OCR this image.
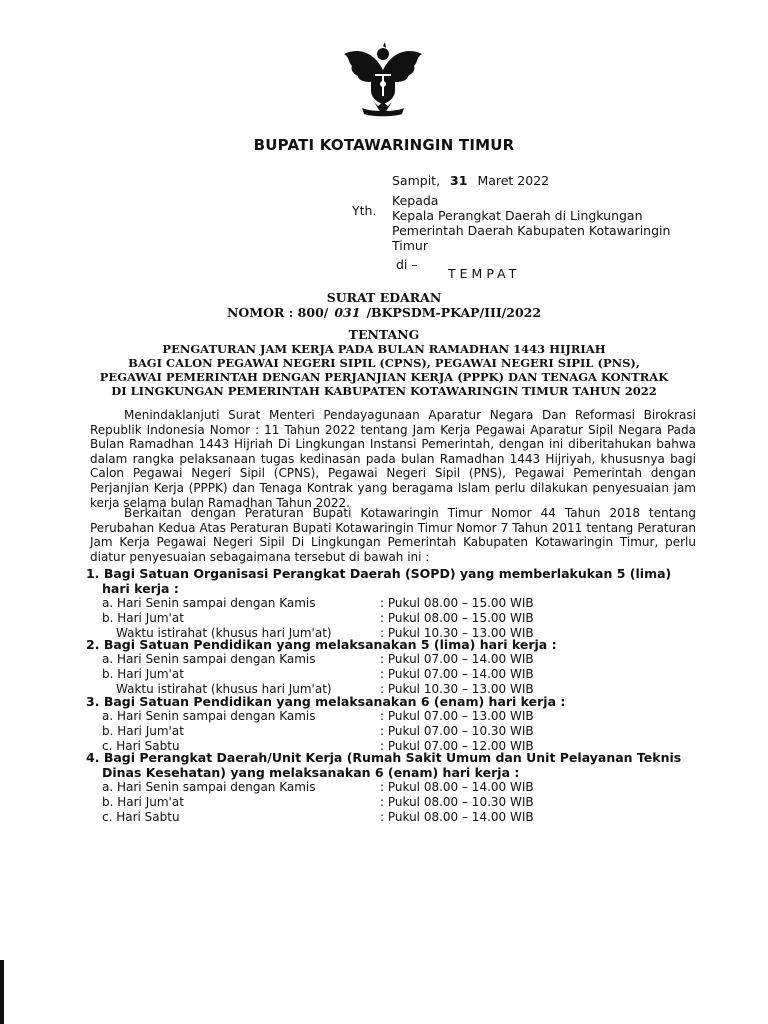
BUPATI KOTAWARINGIN TIMUR
Sampit, 31 Maret 2022
Kepada
Kepala Perangkat Daerah di Lingkungan
Pemerintah Daerah Kabupaten Kotawaringin
Timur
di –
Yth.
TEMPAT
SURAT EDARAN
NOMOR : 800/ 031 /BKPSDM-PKAP/III/2022
TENTANG
PENGATURAN JAM KERJA PADA BULAN RAMADHAN 1443 HIJRIAH
BAGI CALON PEGAWAI NEGERI SIPIL (CPNS), PEGAWAI NEGERI SIPIL (PNS),
PEGAWAI PEMERINTAH DENGAN PERJANJIAN KERJA (PPPK) DAN TENAGA KONTRAK
DI LINGKUNGAN PEMERINTAH KABUPATEN KOTAWARINGIN TIMUR TAHUN 2022
Menindaklanjuti Surat Menteri Pendayagunaan Aparatur Negara Dan Reformasi Birokrasi Republik Indonesia Nomor : 11 Tahun 2022 tentang Jam Kerja Pegawai Aparatur Sipil Negara Pada Bulan Ramadhan 1443 Hijriah Di Lingkungan Instansi Pemerintah, dengan ini diberitahukan bahwa dalam rangka pelaksanaan tugas kedinasan pada bulan Ramadhan 1443 Hijriyah, khususnya bagi Calon Pegawai Negeri Sipil (CPNS), Pegawai Negeri Sipil (PNS), Pegawai Pemerintah dengan Perjanjian Kerja (PPPK) dan Tenaga Kontrak yang beragama Islam perlu dilakukan penyesuaian jam kerja selama bulan Ramadhan Tahun 2022.
Berkaitan dengan Peraturan Bupati Kotawaringin Timur Nomor 44 Tahun 2018 tentang Perubahan Kedua Atas Peraturan Bupati Kotawaringin Timur Nomor 7 Tahun 2011 tentang Peraturan Jam Kerja Pegawai Negeri Sipil Di Lingkungan Pemerintah Kabupaten Kotawaringin Timur, perlu diatur penyesuaian sebagaimana tersebut di bawah ini :
1. Bagi Satuan Organisasi Perangkat Daerah (SOPD) yang memberlakukan 5 (lima)
hari kerja :
a. Hari Senin sampai dengan Kamis	: Pukul 08.00 – 15.00 WIB
b. Hari Jum'at	: Pukul 08.00 – 15.00 WIB
Waktu istirahat (khusus hari Jum'at)	: Pukul 10.30 – 13.00 WIB
2. Bagi Satuan Pendidikan yang melaksanakan 5 (lima) hari kerja :
a. Hari Senin sampai dengan Kamis	: Pukul 07.00 – 14.00 WIB
b. Hari Jum'at	: Pukul 07.00 – 14.00 WIB
Waktu istirahat (khusus hari Jum'at)	: Pukul 10.30 – 13.00 WIB
3. Bagi Satuan Pendidikan yang melaksanakan 6 (enam) hari kerja :
a. Hari Senin sampai dengan Kamis	: Pukul 07.00 – 13.00 WIB
b. Hari Jum'at	: Pukul 07.00 – 10.30 WIB
c. Hari Sabtu	: Pukul 07.00 – 12.00 WIB
4. Bagi Perangkat Daerah/Unit Kerja (Rumah Sakit Umum dan Unit Pelayanan Teknis
Dinas Kesehatan) yang melaksanakan 6 (enam) hari kerja :
a. Hari Senin sampai dengan Kamis	: Pukul 08.00 – 14.00 WIB
b. Hari Jum'at	: Pukul 08.00 – 10.30 WIB
c. Hari Sabtu	: Pukul 08.00 – 14.00 WIB
